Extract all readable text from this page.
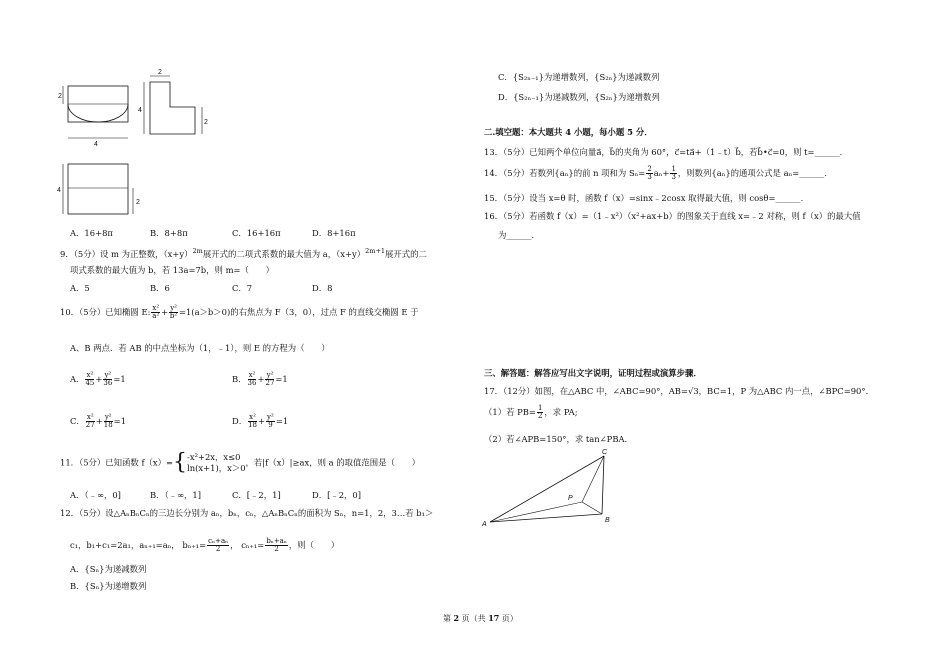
2
4
2
4
2
4
2
A．16+8π	B．8+8π	C．16+16π	D．8+16π
9．（5分）设 m 为正整数，$(x+y)^{2m}$展开式的二项式系数的最大值为 a，$(x+y)^{2m+1}$展开式的二
项式系数的最大值为 b，若 13a=7b，则 m=（　　）
A．5	B．6	C．7	D．8
10．（5分）已知椭圆 E: $\frac{\text{x²}}{\text{a²}} + \frac{\text{y²}}{\text{b²}} =1(a>b>0)$的右焦点为 F（3，0），过点 F 的直线交椭圆 E 于
A、B 两点．若 AB 的中点坐标为（1，﹣1），则 E 的方程为（　　）
A． $\frac{\text{x²}}{45} + \frac{\text{y²}}{36} =1$	B． $\frac{\text{x²}}{36} + \frac{\text{y²}}{27} =1$
C． $\frac{\text{x²}}{27} + \frac{\text{y²}}{18} =1$	D． $\frac{\text{x²}}{18} + \frac{\text{y²}}{9} =1$
11．（5分）已知函数 f（x）={ -x²+2x，x≤0
ln(x+1)，x＞0
，若|f（x）|≥ax，则 a 的取值范围是（　　）
A．（﹣∞，0]	B．（﹣∞，1]	C．[﹣2，1]	D．[﹣2，0]
12．（5分）设△AₙBₙCₙ的三边长分别为 aₙ，bₙ，cₙ，△AₙBₙCₙ的面积为 Sₙ，n=1，2，3…若 b₁＞
c₁，b₁+c₁=2a₁，aₙ₊₁=aₙ， $b_{n+1}= \frac{\text{cₙ+aₙ}}{2}$ ， $c_{n+1}= \frac{\text{bₙ+aₙ}}{2}$ ，则（　　）
A．{Sₙ}为递减数列
B．{Sₙ}为递增数列
C．{S₂ₙ₋₁}为递增数列，{S₂ₙ}为递减数列
D．{S₂ₙ₋₁}为递减数列，{S₂ₙ}为递增数列
二.填空题：本大题共 4 小题，每小题 5 分．
13．（5分）已知两个单位向量a⃗，b⃗的夹角为 60°，c⃗=ta⃗+（1﹣t）b⃗，若b⃗•c⃗=0，则 t=______．
14．（5分）若数列{aₙ}的前 n 项和为 $S_n= \frac{2}{3} a_n+ \frac{1}{3}$ ，则数列{aₙ}的通项公式是 aₙ=______．
15．（5分）设当 x=θ 时，函数 f（x）=sinx﹣2cosx 取得最大值，则 cosθ=______．
16．（5分）若函数 f（x）=（1﹣x²）（x²+ax+b）的图象关于直线 x=﹣2 对称，则 f（x）的最大值
为______．
三、解答题：解答应写出文字说明，证明过程或演算步骤．
17．（12分）如图，在△ABC 中，∠ABC=90°，AB=√3，BC=1，P 为△ABC 内一点，∠BPC=90°．
（1）若 $PB= \frac{1}{2}$ ，求 PA;
（2）若∠APB=150°，求 tan∠PBA．
A
B
C
P
第 2 页（共 17 页）
